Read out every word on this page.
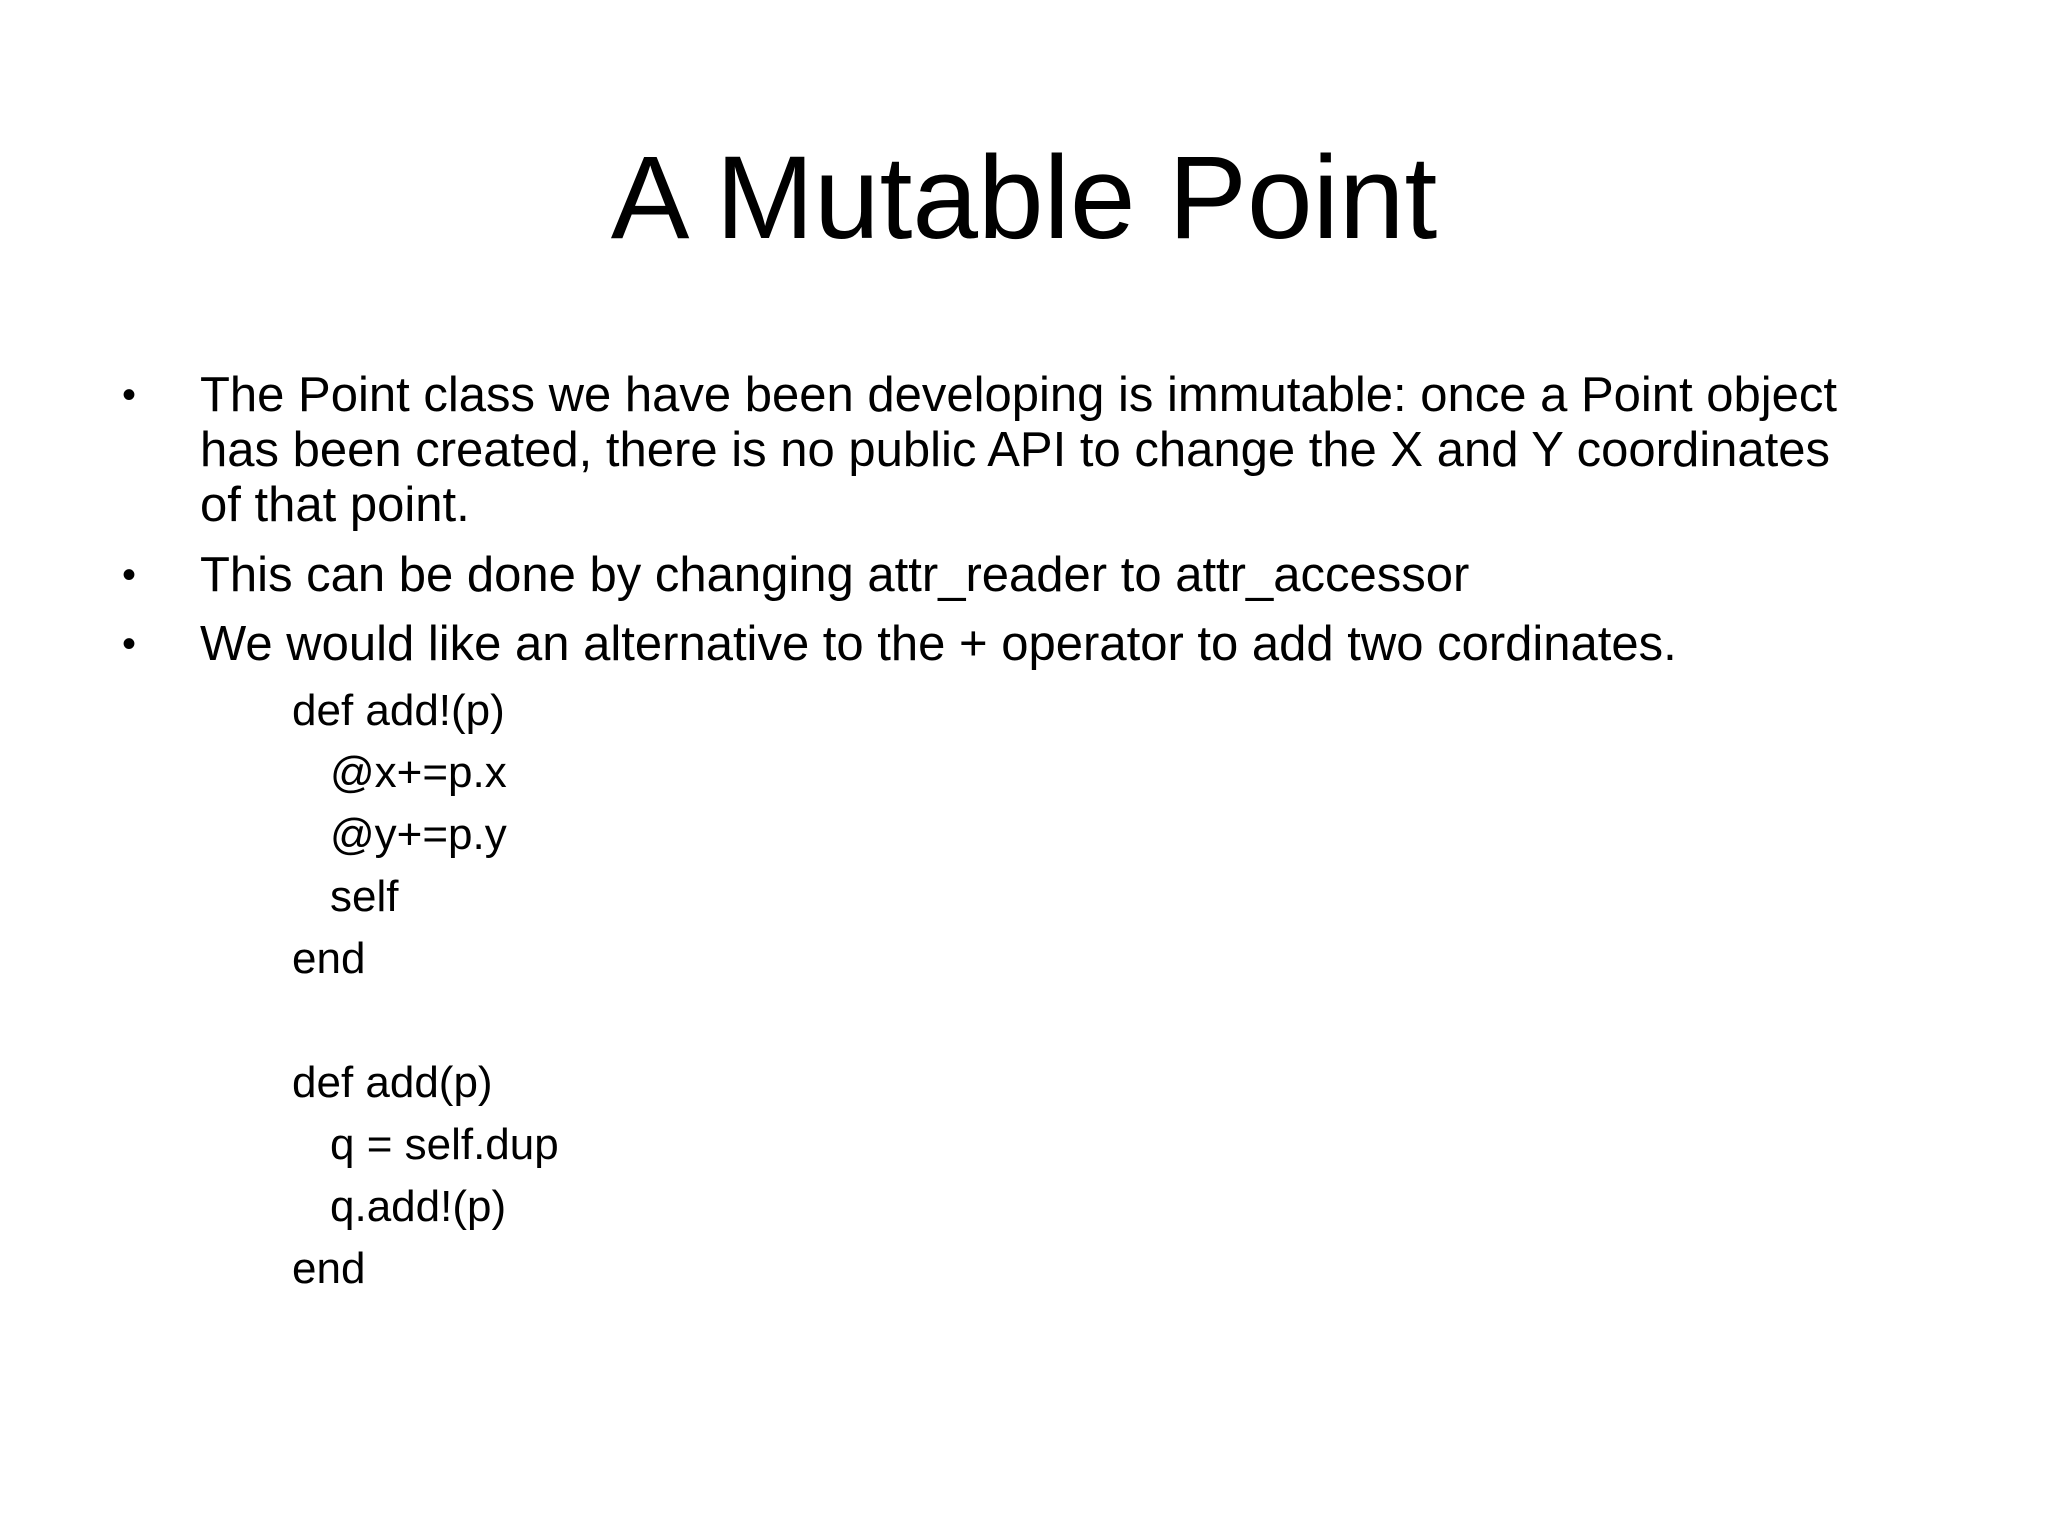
A Mutable Point
•	The Point class we have been developing is immutable: once a Point object has been created, there is no public API to change the X and Y coordinates of that point.
•	This can be done by changing attr_reader to attr_accessor
•	We would like an alternative to the + operator to add two cordinates.
def add!(p)
@x+=p.x
@y+=p.y
self
end
def add(p)
q = self.dup
q.add!(p)
end
